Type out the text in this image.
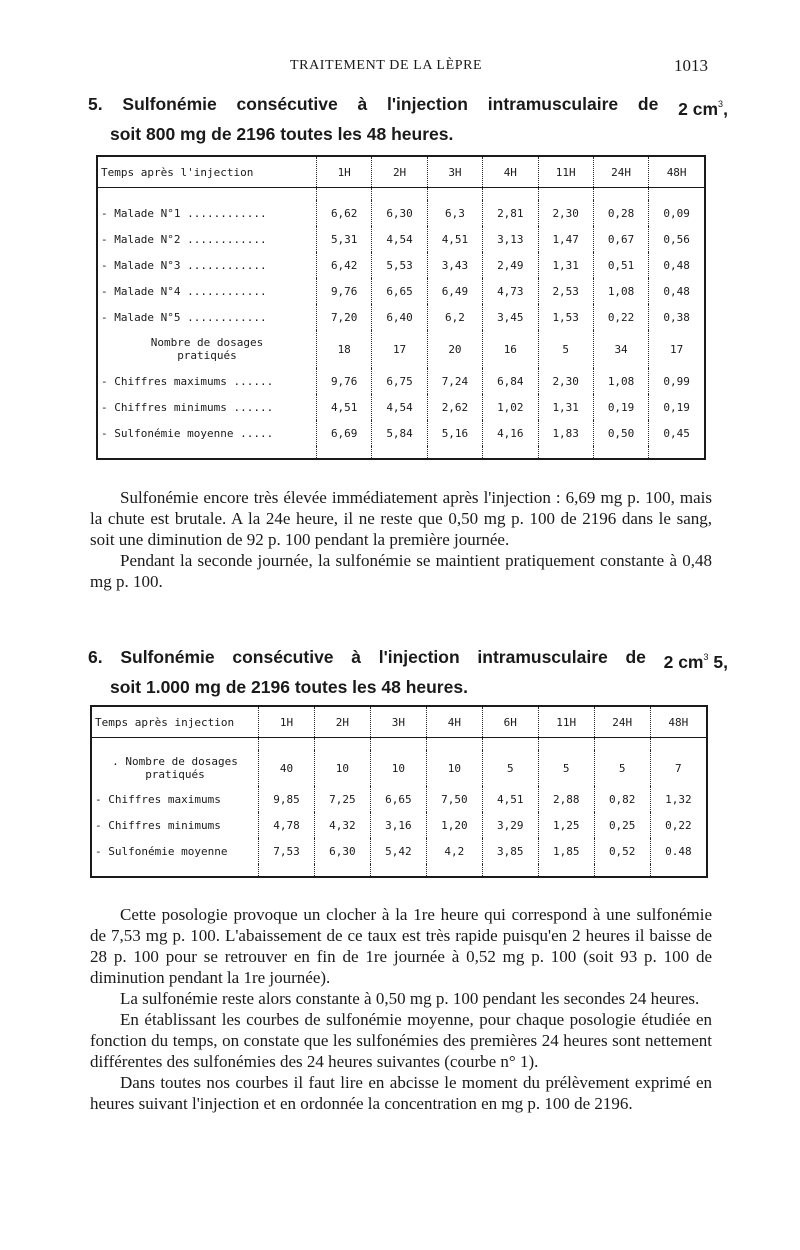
TRAITEMENT DE LA LÈPRE	1013
5. Sulfonémie consécutive à l'injection intramusculaire de 2 $cm^3$,
soit 800 mg de 2196 toutes les 48 heures.
Temps après l'injection	1H	2H	3H	4H	11H	24H	48H

- Malade N°1 ............	6,62	6,30	6,3	2,81	2,30	0,28	0,09
- Malade N°2 ............	5,31	4,54	4,51	3,13	1,47	0,67	0,56
- Malade N°3 ............	6,42	5,53	3,43	2,49	1,31	0,51	0,48
- Malade N°4 ............	9,76	6,65	6,49	4,73	2,53	1,08	0,48
- Malade N°5 ............	7,20	6,40	6,2	3,45	1,53	0,22	0,38
Nombre de dosages
pratiqués	18	17	20	16	5	34	17
- Chiffres maximums ......	9,76	6,75	7,24	6,84	2,30	1,08	0,99
- Chiffres minimums ......	4,51	4,54	2,62	1,02	1,31	0,19	0,19
- Sulfonémie moyenne .....	6,69	5,84	5,16	4,16	1,83	0,50	0,45

Sulfonémie encore très élevée immédiatement après l'injection : 6,69 mg p. 100, mais la chute est brutale. A la 24e heure, il ne reste que 0,50 mg p. 100 de 2196 dans le sang, soit une diminution de 92 p. 100 pendant la première journée.

Pendant la seconde journée, la sulfonémie se maintient pratiquement constante à 0,48 mg p. 100.

6. Sulfonémie consécutive à l'injection intramusculaire de 2 $cm^3$ 5,
soit 1.000 mg de 2196 toutes les 48 heures.
Temps après injection	1H	2H	3H	4H	6H	11H	24H	48H

. Nombre de dosages
pratiqués	40	10	10	10	5	5	5	7
- Chiffres maximums	9,85	7,25	6,65	7,50	4,51	2,88	0,82	1,32
- Chiffres minimums	4,78	4,32	3,16	1,20	3,29	1,25	0,25	0,22
- Sulfonémie moyenne	7,53	6,30	5,42	4,2	3,85	1,85	0,52	0.48

Cette posologie provoque un clocher à la 1re heure qui correspond à une sulfonémie de 7,53 mg p. 100. L'abaissement de ce taux est très rapide puisqu'en 2 heures il baisse de 28 p. 100 pour se retrouver en fin de 1re journée à 0,52 mg p. 100 (soit 93 p. 100 de diminution pendant la 1re journée).

La sulfonémie reste alors constante à 0,50 mg p. 100 pendant les secondes 24 heures.

En établissant les courbes de sulfonémie moyenne, pour chaque posologie étudiée en fonction du temps, on constate que les sulfonémies des premières 24 heures sont nettement différentes des sulfonémies des 24 heures suivantes (courbe n° 1).

Dans toutes nos courbes il faut lire en abcisse le moment du prélèvement exprimé en heures suivant l'injection et en ordonnée la concentration en mg p. 100 de 2196.
